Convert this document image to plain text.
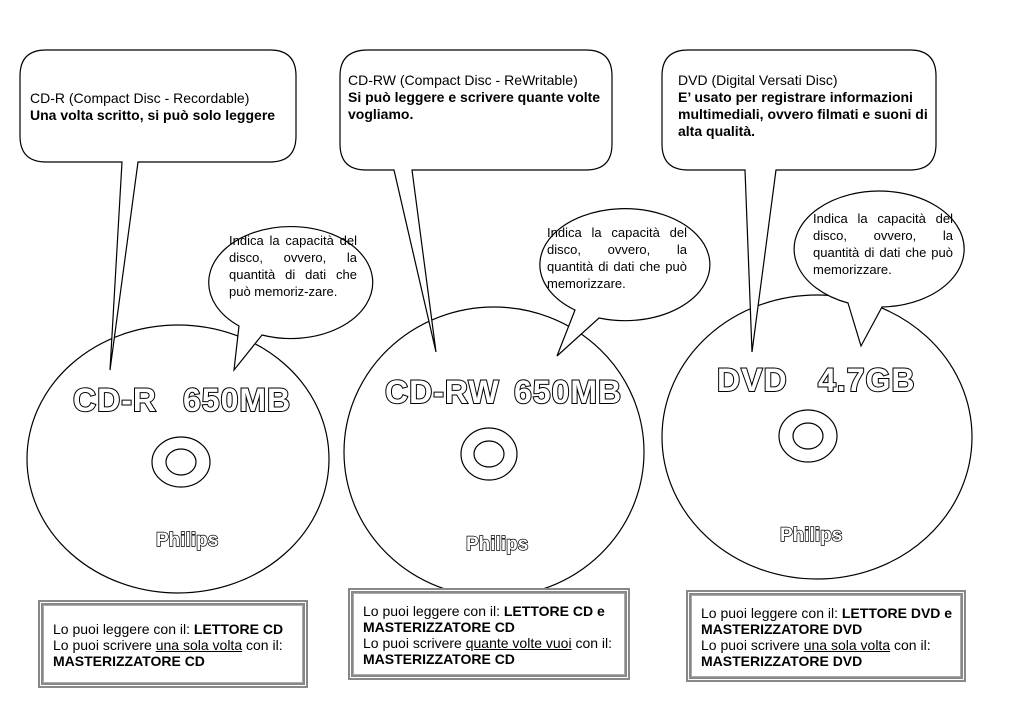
CD-R 650MB
Philips
CD-RW 650MB
Philips
DVD 4.7GB
Philips
CD-R (Compact Disc - Recordable)
Una volta scritto, si può solo leggere
CD-RW (Compact Disc - ReWritable)
Si può leggere e scrivere quante volte vogliamo.
DVD (Digital Versati Disc)
E’ usato per registrare informazioni multimediali, ovvero filmati e suoni di alta qualità.
Indica la capacità del disco, ovvero, la quantità di dati che può memoriz-zare.
Indica la capacità del disco, ovvero, la quantità di dati che può memorizzare.
Indica la capacità del disco, ovvero, la quantità di dati che può memorizzare.
Lo puoi leggere con il: LETTORE CD
Lo puoi scrivere una sola volta con il:
MASTERIZZATORE CD
Lo puoi leggere con il: LETTORE CD e MASTERIZZATORE CD
Lo puoi scrivere quante volte vuoi con il: MASTERIZZATORE CD
Lo puoi leggere con il: LETTORE DVD e MASTERIZZATORE DVD
Lo puoi scrivere una sola volta con il:
MASTERIZZATORE DVD
